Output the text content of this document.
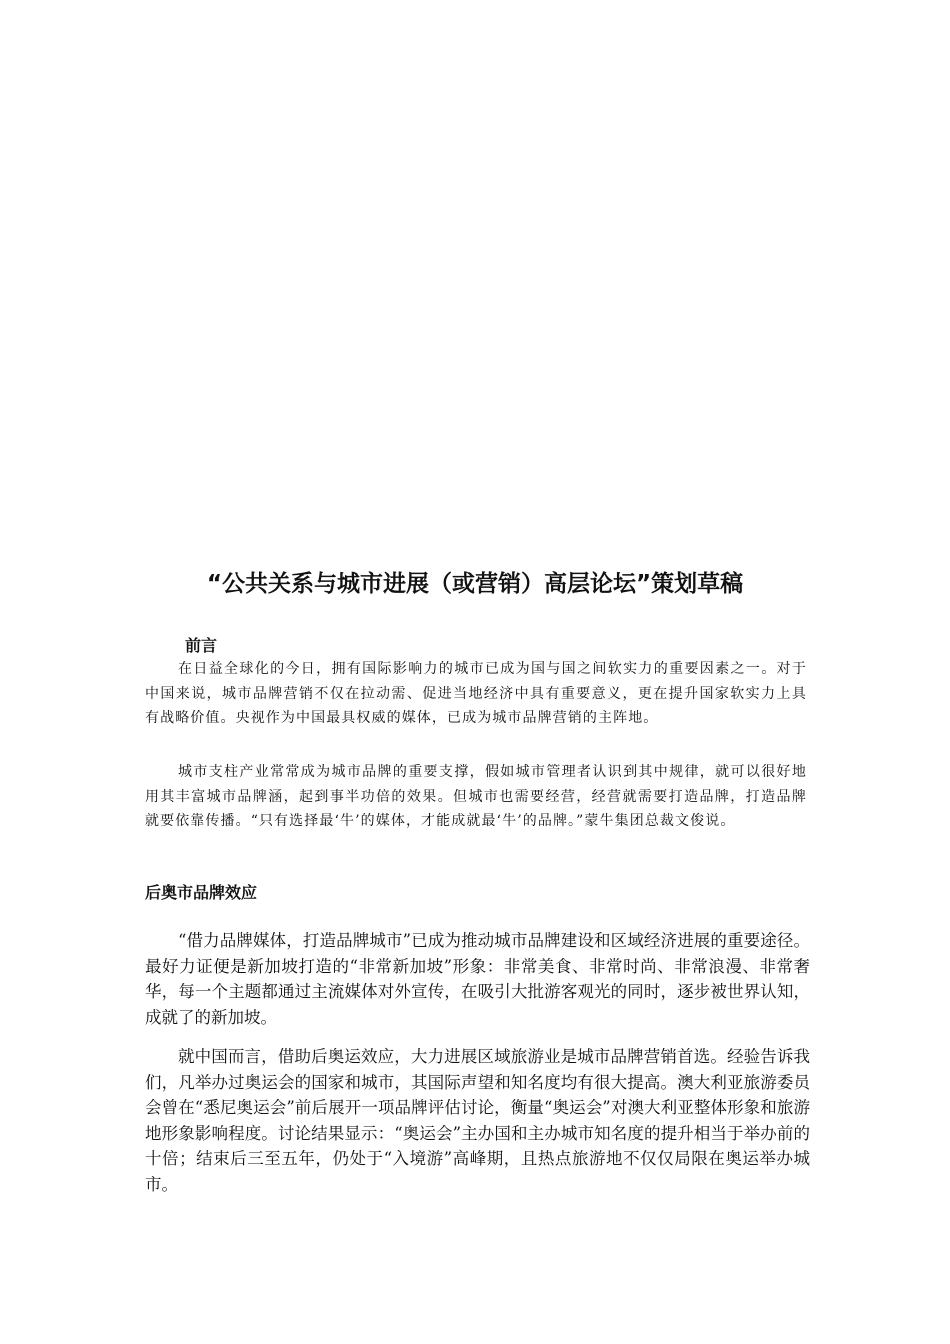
“公共关系与城市进展（或营销）高层论坛”策划草稿
前言

在日益全球化的今日，拥有国际影响力的城市已成为国与国之间软实力的重要因素之一。对于中国来说，城市品牌营销不仅在拉动需、促进当地经济中具有重要意义，更在提升国家软实力上具有战略价值。央视作为中国最具权威的媒体，已成为城市品牌营销的主阵地。

城市支柱产业常常成为城市品牌的重要支撑，假如城市管理者认识到其中规律，就可以很好地用其丰富城市品牌涵，起到事半功倍的效果。但城市也需要经营，经营就需要打造品牌，打造品牌就要依靠传播。“只有选择最‘牛’的媒体，才能成就最‘牛’的品牌。”蒙牛集团总裁文俊说。

后奥市品牌效应

“借力品牌媒体，打造品牌城市”已成为推动城市品牌建设和区域经济进展的重要途径。最好力证便是新加坡打造的“非常新加坡”形象：非常美食、非常时尚、非常浪漫、非常奢华，每一个主题都通过主流媒体对外宣传，在吸引大批游客观光的同时，逐步被世界认知，成就了的新加坡。

就中国而言，借助后奥运效应，大力进展区域旅游业是城市品牌营销首选。经验告诉我们，凡举办过奥运会的国家和城市，其国际声望和知名度均有很大提高。澳大利亚旅游委员会曾在“悉尼奥运会”前后展开一项品牌评估讨论，衡量“奥运会”对澳大利亚整体形象和旅游地形象影响程度。讨论结果显示：“奥运会”主办国和主办城市知名度的提升相当于举办前的十倍；结束后三至五年，仍处于“入境游”高峰期，且热点旅游地不仅仅局限在奥运举办城市。
